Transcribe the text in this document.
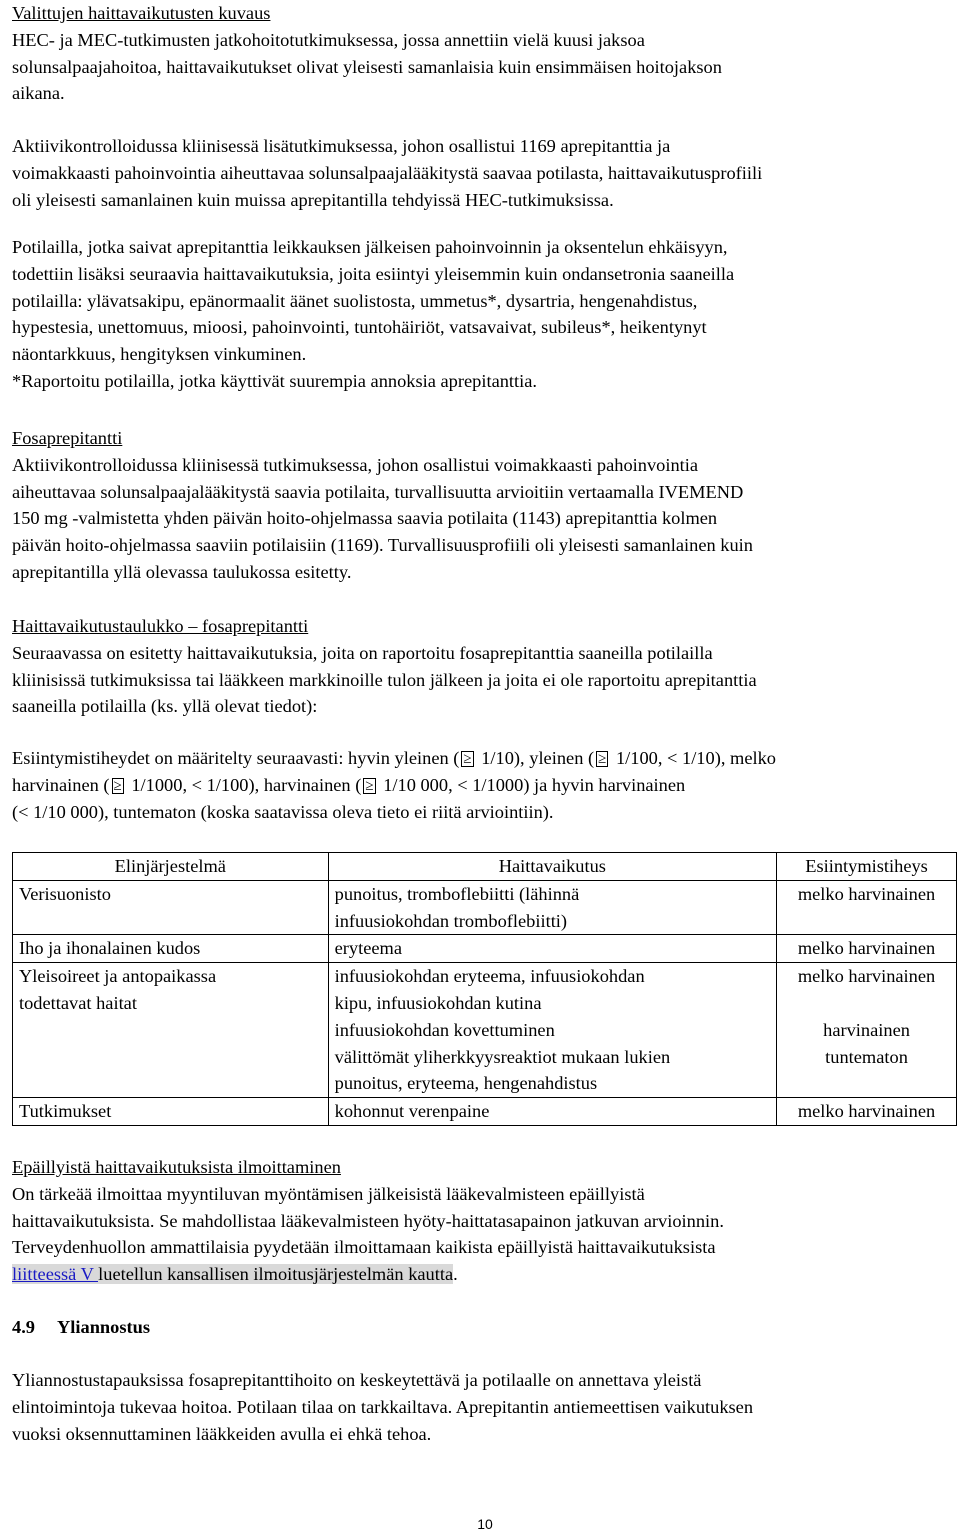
Valittujen haittavaikutusten kuvaus
HEC- ja MEC-tutkimusten jatkohoitotutkimuksessa, jossa annettiin vielä kuusi jaksoa
solunsalpaajahoitoa, haittavaikutukset olivat yleisesti samanlaisia kuin ensimmäisen hoitojakson
aikana.
Aktiivikontrolloidussa kliinisessä lisätutkimuksessa, johon osallistui 1169 aprepitanttia ja
voimakkaasti pahoinvointia aiheuttavaa solunsalpaajalääkitystä saavaa potilasta, haittavaikutusprofiili
oli yleisesti samanlainen kuin muissa aprepitantilla tehdyissä HEC-tutkimuksissa.
Potilailla, jotka saivat aprepitanttia leikkauksen jälkeisen pahoinvoinnin ja oksentelun ehkäisyyn,
todettiin lisäksi seuraavia haittavaikutuksia, joita esiintyi yleisemmin kuin ondansetronia saaneilla
potilailla: ylävatsakipu, epänormaalit äänet suolistosta, ummetus*, dysartria, hengenahdistus,
hypestesia, unettomuus, mioosi, pahoinvointi, tuntohäiriöt, vatsavaivat, subileus*, heikentynyt
näontarkkuus, hengityksen vinkuminen.
*Raportoitu potilailla, jotka käyttivät suurempia annoksia aprepitanttia.
Fosaprepitantti
Aktiivikontrolloidussa kliinisessä tutkimuksessa, johon osallistui voimakkaasti pahoinvointia
aiheuttavaa solunsalpaajalääkitystä saavia potilaita, turvallisuutta arvioitiin vertaamalla IVEMEND
150 mg -valmistetta yhden päivän hoito-ohjelmassa saavia potilaita (1143) aprepitanttia kolmen
päivän hoito-ohjelmassa saaviin potilaisiin (1169). Turvallisuusprofiili oli yleisesti samanlainen kuin
aprepitantilla yllä olevassa taulukossa esitetty.
Haittavaikutustaulukko – fosaprepitantti
Seuraavassa on esitetty haittavaikutuksia, joita on raportoitu fosaprepitanttia saaneilla potilailla
kliinisissä tutkimuksissa tai lääkkeen markkinoille tulon jälkeen ja joita ei ole raportoitu aprepitanttia
saaneilla potilailla (ks. yllä olevat tiedot):
Esiintymistiheydet on määritelty seuraavasti: hyvin yleinen ( ≥ 1/10), yleinen ( ≥ 1/100, < 1/10), melko
harvinainen ( ≥ 1/1000, < 1/100), harvinainen ( ≥ 1/10 000, < 1/1000) ja hyvin harvinainen
(< 1/10 000), tuntematon (koska saatavissa oleva tieto ei riitä arviointiin).
Elinjärjestelmä	Haittavaikutus	Esiintymistiheys
Verisuonisto	punoitus, tromboflebiitti (lähinnä
infuusiokohdan tromboflebiitti)	melko harvinainen
Iho ja ihonalainen kudos	eryteema	melko harvinainen

Yleisoireet ja antopaikassa
todettavat haitat	infuusiokohdan eryteema, infuusiokohdan
kipu, infuusiokohdan kutina	melko harvinainen
	infuusiokohdan kovettuminen	harvinainen

	välittömät yliherkkyysreaktiot mukaan lukien
punoitus, eryteema, hengenahdistus	tuntematon
Tutkimukset	kohonnut verenpaine	melko harvinainen
Epäillyistä haittavaikutuksista ilmoittaminen
On tärkeää ilmoittaa myyntiluvan myöntämisen jälkeisistä lääkevalmisteen epäillyistä
haittavaikutuksista. Se mahdollistaa lääkevalmisteen hyöty-haittatasapainon jatkuvan arvioinnin.
Terveydenhuollon ammattilaisia pyydetään ilmoittamaan kaikista epäillyistä haittavaikutuksista
liitteessä V luetellun kansallisen ilmoitusjärjestelmän kautta.
4.9 Yliannostus
Yliannostustapauksissa fosaprepitanttihoito on keskeytettävä ja potilaalle on annettava yleistä
elintoimintoja tukevaa hoitoa. Potilaan tilaa on tarkkailtava. Aprepitantin antiemeettisen vaikutuksen
vuoksi oksennuttaminen lääkkeiden avulla ei ehkä tehoa.
10
